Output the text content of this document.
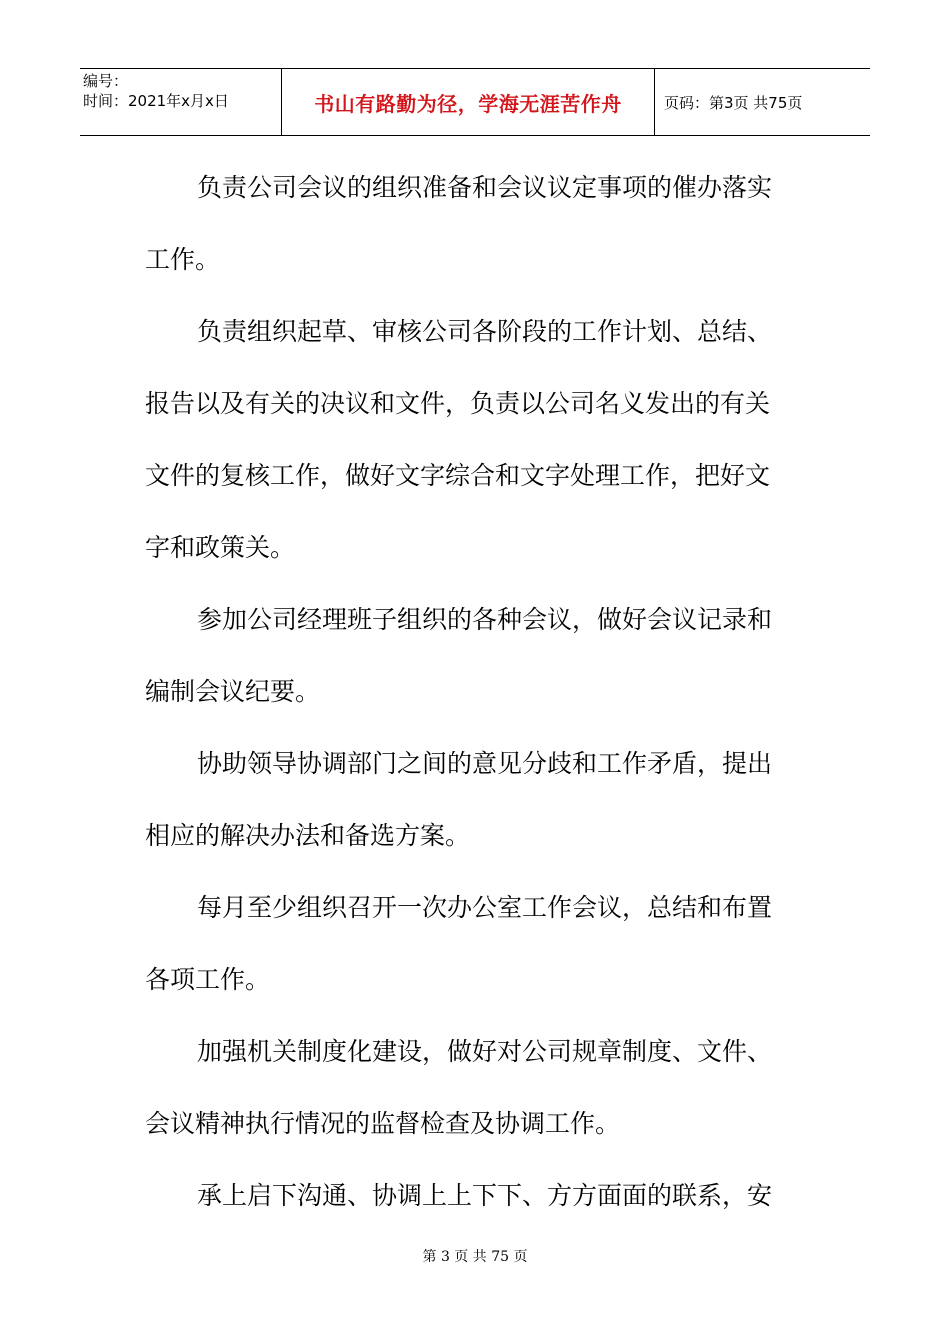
编号：
时间：2021年x月x日	书山有路勤为径，学海无涯苦作舟	页码：第3页 共75页
负责公司会议的组织准备和会议议定事项的催办落实
工作。
负责组织起草、审核公司各阶段的工作计划、总结、
报告以及有关的决议和文件，负责以公司名义发出的有关
文件的复核工作，做好文字综合和文字处理工作，把好文
字和政策关。
参加公司经理班子组织的各种会议，做好会议记录和
编制会议纪要。
协助领导协调部门之间的意见分歧和工作矛盾，提出
相应的解决办法和备选方案。
每月至少组织召开一次办公室工作会议，总结和布置
各项工作。
加强机关制度化建设，做好对公司规章制度、文件、
会议精神执行情况的监督检查及协调工作。
承上启下沟通、协调上上下下、方方面面的联系，安
第 3 页 共 75 页
